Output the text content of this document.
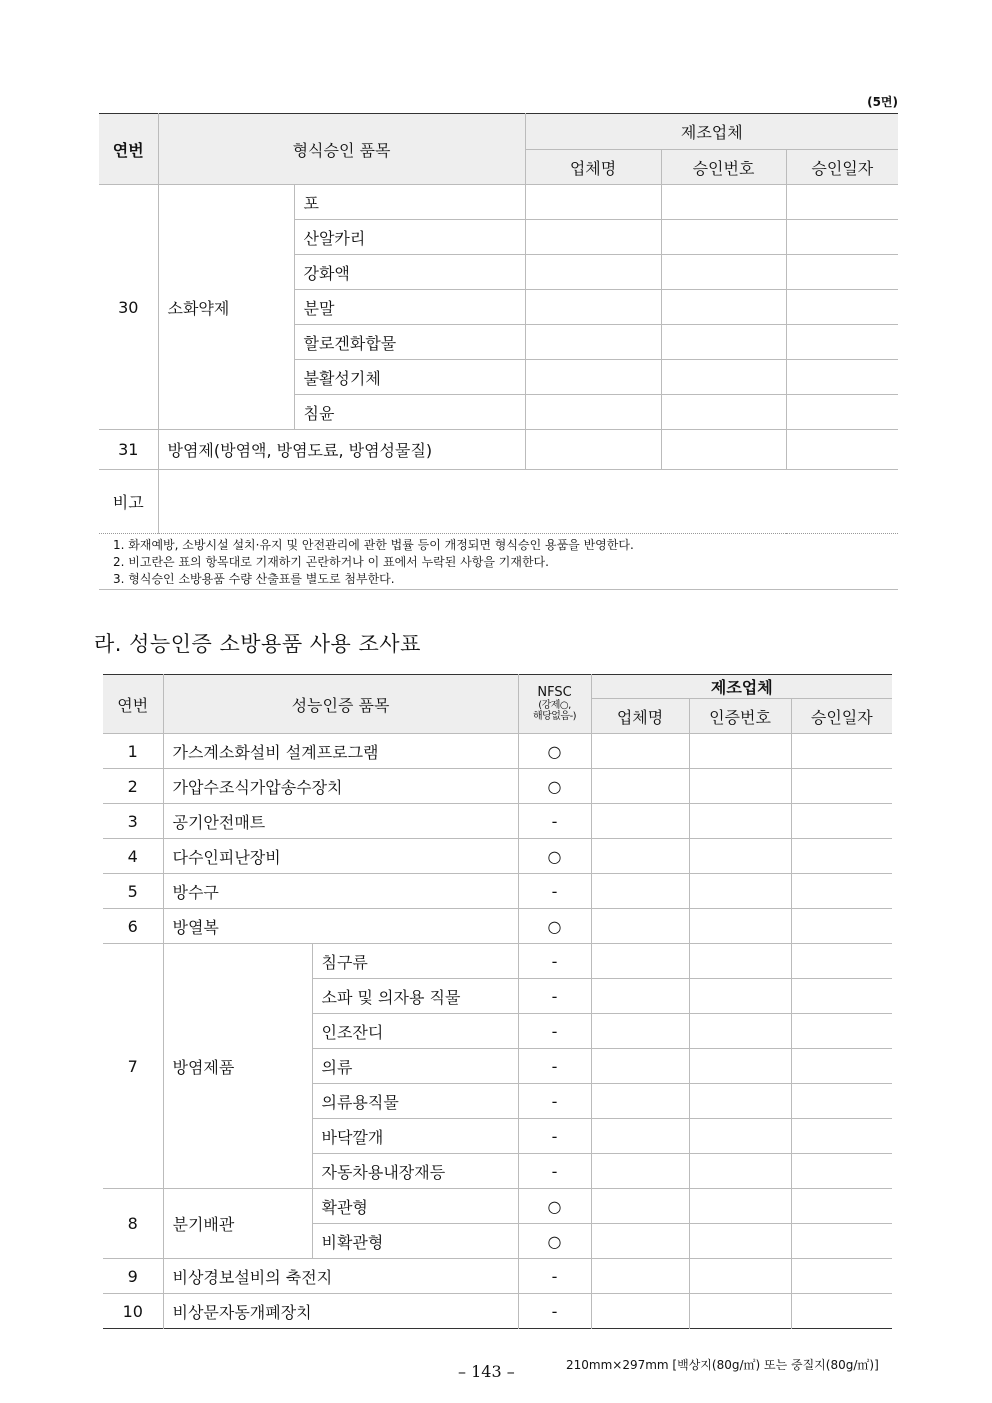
(5면)
연번	형식승인 품목		제조업체		
			업체명	승인번호	승인일자
30	소화약제	포			
		산알카리			
		강화액			
		분말			
		할로겐화합물			
		불활성기체			
		침윤			
31	방염제(방염액, 방염도료, 방염성물질)				
비고					

1. 화재예방, 소방시설 설치·유지 및 안전관리에 관한 법률 등이 개정되면 형식승인 용품을 반영한다.
2. 비고란은 표의 항목대로 기재하기 곤란하거나 이 표에서 누락된 사항을 기재한다.
3. 형식승인 소방용품 수량 산출표를 별도로 첨부한다.					
라. 성능인증 소방용품 사용 조사표
연번	성능인증 품목		NFSC
(강제○,
해당없음-)	제조업체		
				업체명	인증번호	승인일자
1	가스계소화설비 설계프로그램		○			
2	가압수조식가압송수장치		○			
3	공기안전매트		-			
4	다수인피난장비		○			
5	방수구		-			
6	방열복		○			
7	방염제품	침구류	-			
		소파 및 의자용 직물	-			
		인조잔디	-			
		의류	-			
		의류용직물	-			
		바닥깔개	-			
		자동차용내장재등	-			
8	분기배관	확관형	○			
		비확관형	○			
9	비상경보설비의 축전지		-			
10	비상문자동개폐장치		-			
– 143 –	210mm×297mm [백상지(80g/㎡) 또는 중질지(80g/㎡)]
